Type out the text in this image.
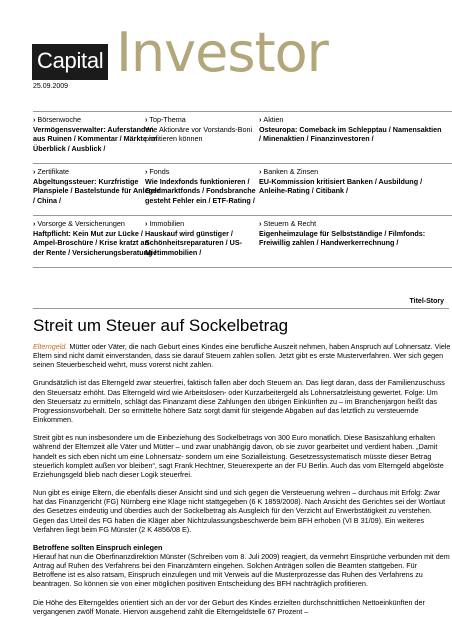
Capital Investor
25.09.2009
› Börsenwoche
Vermögensverwalter: Auferstanden aus Ruinen / Kommentar / Märkte im Überblick / Ausblick /
› Top-Thema
Wie Aktionäre vor Vorstands-Boni profitieren können
› Aktien
Osteuropa: Comeback im Schlepptau / Namensaktien / Minenaktien / Finanzinvestoren /
› Zertifikate
Abgeltungssteuer: Kurzfristige Planspiele / Bastelstunde für Anleger / China /
› Fonds
Wie Indexfonds funktionieren / Geldmarktfonds / Fondsbranche gesteht Fehler ein / ETF-Rating /
› Banken & Zinsen
EU-Kommission kritisiert Banken / Ausbildung / Anleihe-Rating / Citibank /
› Vorsorge & Versicherungen
Haftpflicht: Kein Mut zur Lücke / Ampel-Broschüre / Krise kratzt an der Rente / Versicherungsberatung /
› Immobilien
Hauskauf wird günstiger / Schönheitsreparaturen / US-Mietimmobilien /
› Steuern & Recht
Eigenheimzulage für Selbstständige / Filmfonds: Freiwillig zahlen / Handwerkerrechnung /
Titel-Story
Streit um Steuer auf Sockelbetrag

Elterngeld. Mütter oder Väter, die nach Geburt eines Kindes eine berufliche Auszeit nehmen, haben Anspruch auf Lohnersatz. Viele Eltern sind nicht damit einverstanden, dass sie darauf Steuern zahlen sollen. Jetzt gibt es erste Musterverfahren. Wer sich gegen seinen Steuerbescheid wehrt, muss vorerst nicht zahlen.

Grundsätzlich ist das Elterngeld zwar steuerfrei, faktisch fallen aber doch Steuern an. Das liegt daran, dass der Familienzuschuss den Steuersatz erhöht. Das Elterngeld wird wie Arbeitslosen- oder Kurzarbeitergeld als Lohnersatzleistung gewertet. Folge: Um den Steuersatz zu ermitteln, schlägt das Finanzamt diese Zahlungen den übrigen Einkünften zu – im Branchenjargon heißt das Progressionsvorbehalt. Der so ermittelte höhere Satz sorgt damit für steigende Abgaben auf das letztlich zu versteuernde Einkommen.

Streit gibt es nun insbesondere um die Einbeziehung des Sockelbetrags von 300 Euro monatlich. Diese Basiszahlung erhalten während der Elternzeit alle Väter und Mütter – und zwar unabhängig davon, ob sie zuvor gearbeitet und verdient haben. „Damit handelt es sich eben nicht um eine Lohnersatz- sondern um eine Sozialleistung. Gesetzessystematisch müsste dieser Betrag steuerlich komplett außen vor bleiben“, sagt Frank Hechtner, Steuerexperte an der FU Berlin. Auch das vom Elterngeld abgelöste Erziehungsgeld blieb nach dieser Logik steuerfrei.

Nun gibt es einige Eltern, die ebenfalls dieser Ansicht sind und sich gegen die Versteuerung wehren – durchaus mit Erfolg: Zwar hat das Finanzgericht (FG) Nürnberg eine Klage nicht stattgegeben (6 K 1859/2008). Nach Ansicht des Gerichtes sei der Wortlaut des Gesetzes eindeutig und überdies auch der Sockelbetrag als Ausgleich für den Verzicht auf Erwerbstätigkeit zu verstehen. Gegen das Urteil des FG haben die Kläger aber Nichtzulassungsbeschwerde beim BFH erhoben (VI B 31/09). Ein weiteres Verfahren liegt beim FG Münster (2 K 4856/08 E).

Betroffene sollten Einspruch einlegen
Hierauf hat nun die Oberfinanzdirektion Münster (Schreiben vom 8. Juli 2009) reagiert, da vermehrt Einsprüche verbunden mit dem Antrag auf Ruhen des Verfahrens bei den Finanzämtern eingehen. Solchen Anträgen sollen die Beamten stattgeben. Für Betroffene ist es also ratsam, Einspruch einzulegen und mit Verweis auf die Musterprozesse das Ruhen des Verfahrens zu beantragen. So können sie von einer möglichen positiven Entscheidung des BFH nachträglich profitieren.

Die Höhe des Elterngeldes orientiert sich an der vor der Geburt des Kindes erzielten durchschnittlichen Nettoeinkünften der vergangenen zwölf Monate. Hiervon ausgehend zahlt die Elterngeldstelle 67 Prozent –
